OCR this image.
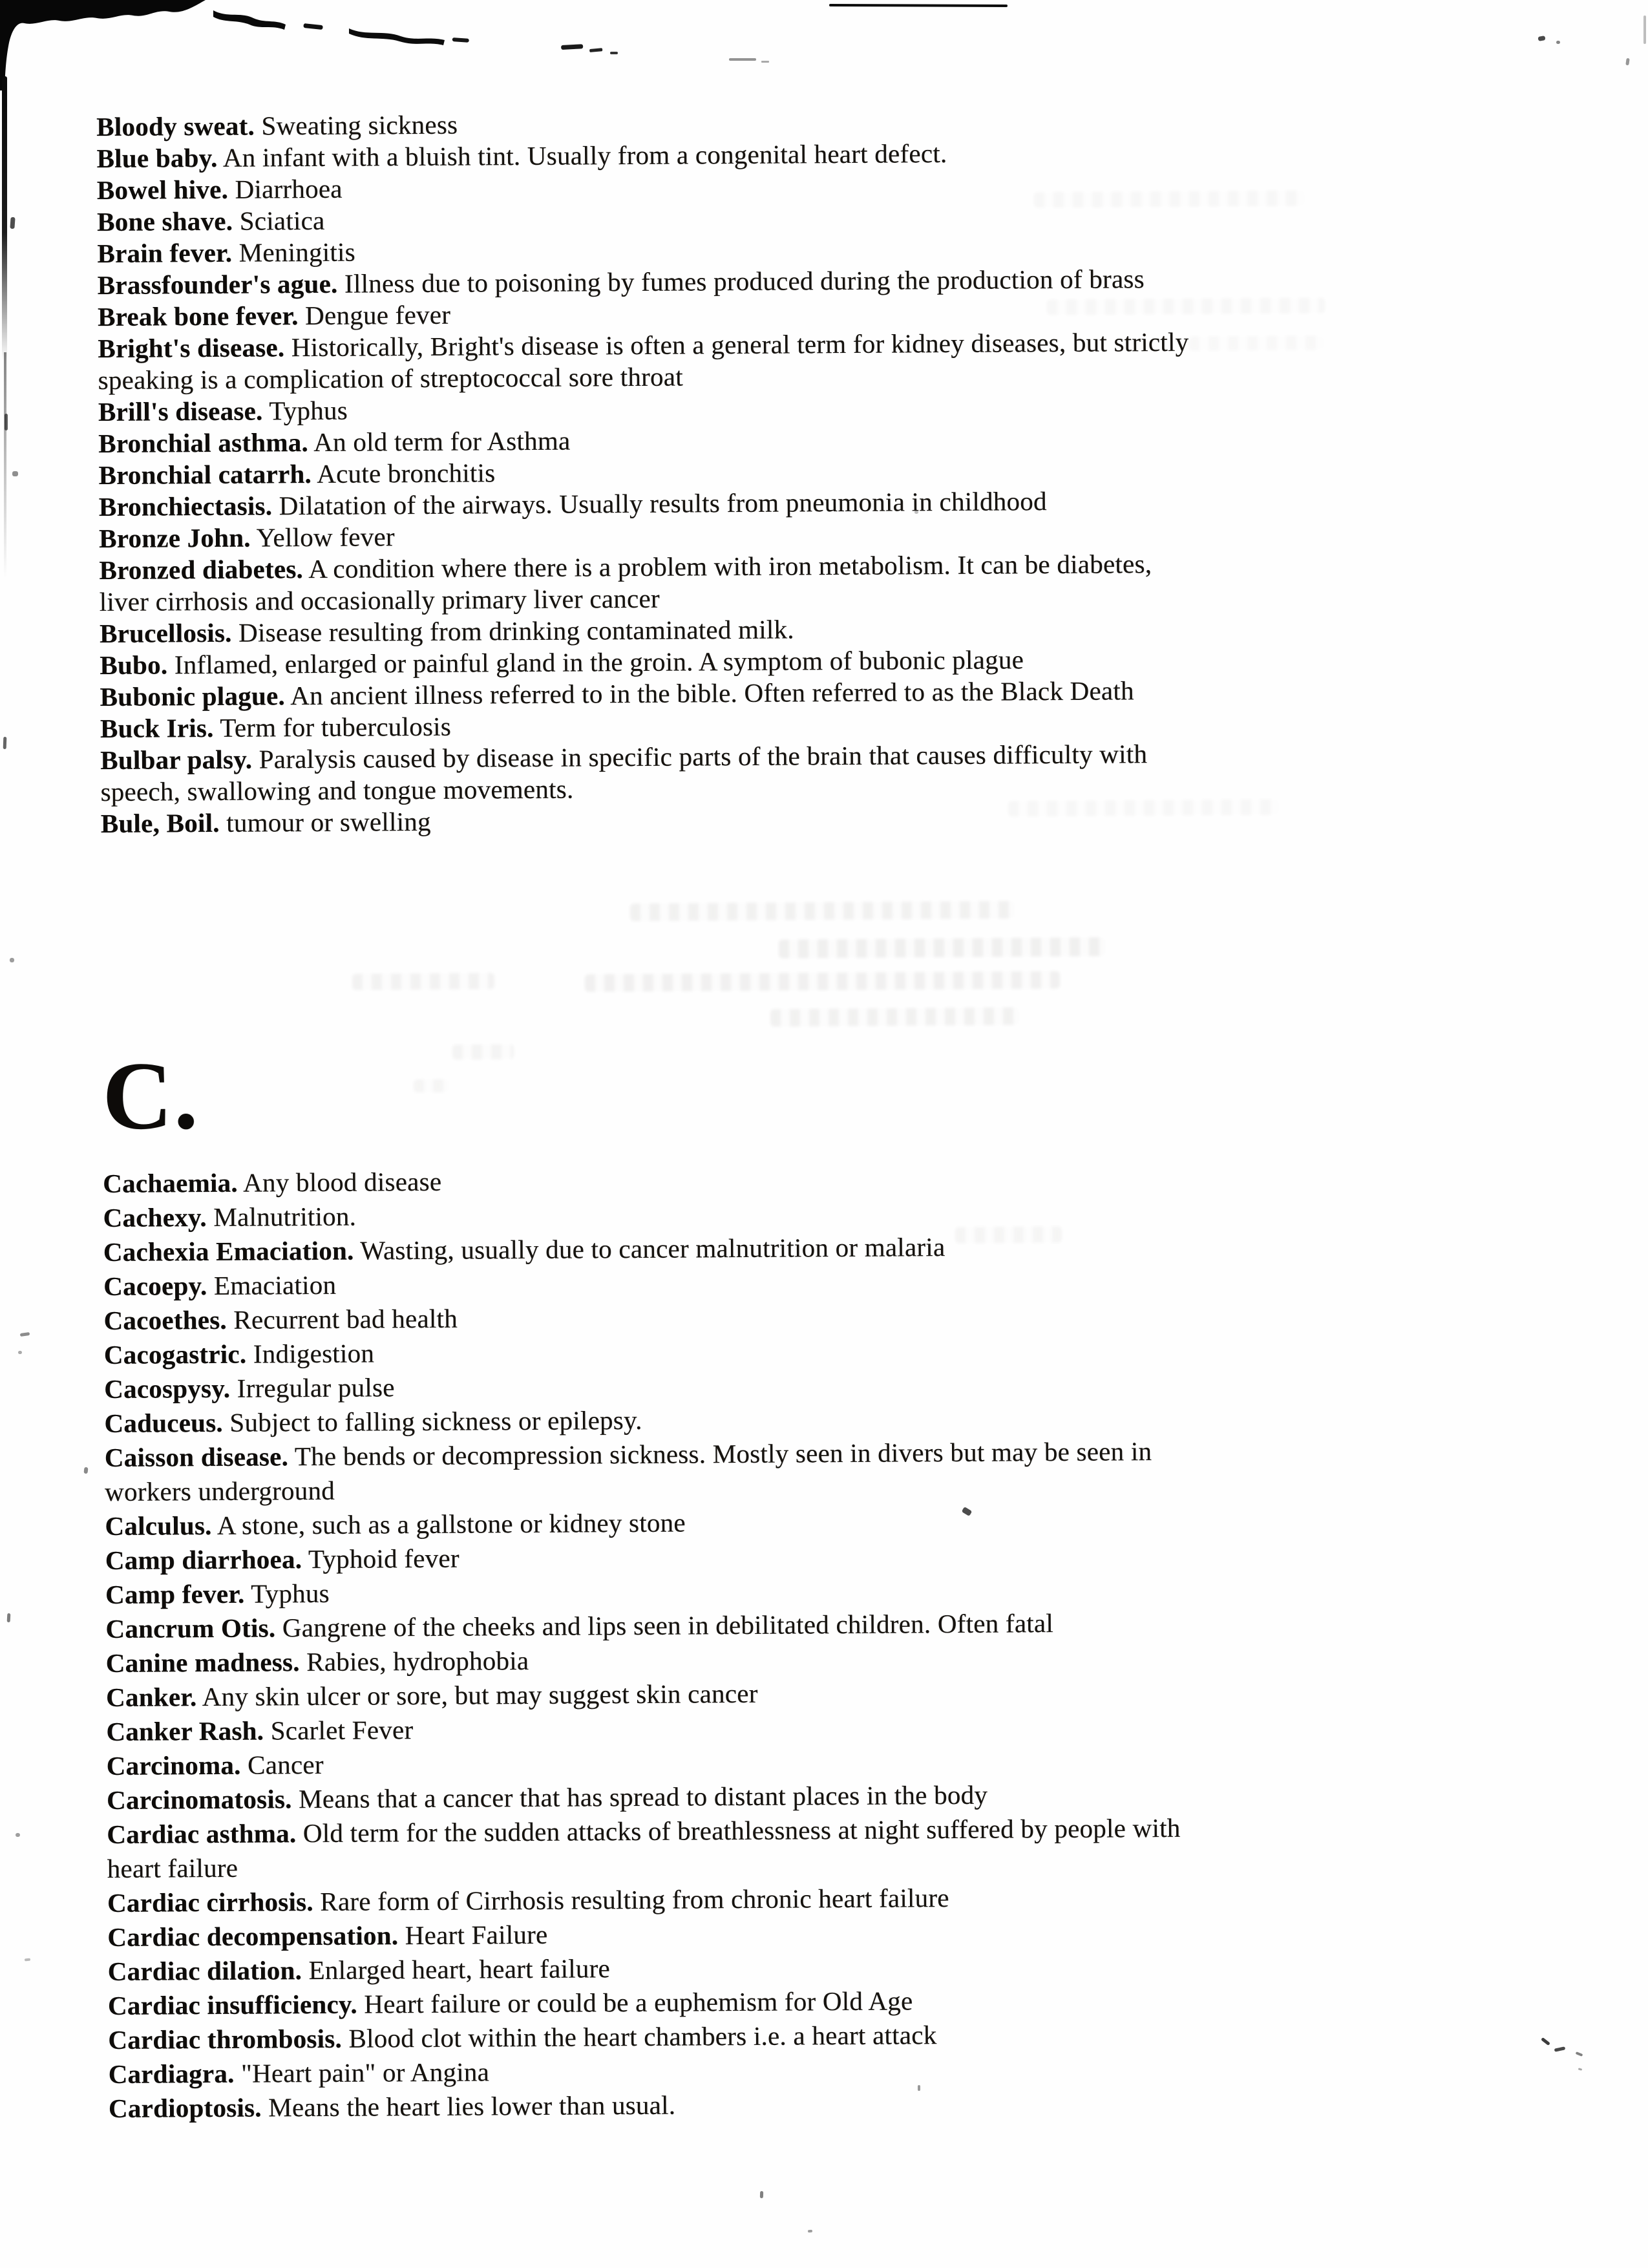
Bloody sweat. Sweating sickness
Blue baby. An infant with a bluish tint. Usually from a congenital heart defect.
Bowel hive. Diarrhoea
Bone shave. Sciatica
Brain fever. Meningitis
Brassfounder's ague. Illness due to poisoning by fumes produced during the production of brass
Break bone fever. Dengue fever
Bright's disease. Historically, Bright's disease is often a general term for kidney diseases, but strictly
speaking is a complication of streptococcal sore throat
Brill's disease. Typhus
Bronchial asthma. An old term for Asthma
Bronchial catarrh. Acute bronchitis
Bronchiectasis. Dilatation of the airways. Usually results from pneumonia in childhood
Bronze John. Yellow fever
Bronzed diabetes. A condition where there is a problem with iron metabolism. It can be diabetes,
liver cirrhosis and occasionally primary liver cancer
Brucellosis. Disease resulting from drinking contaminated milk.
Bubo. Inflamed, enlarged or painful gland in the groin. A symptom of bubonic plague
Bubonic plague. An ancient illness referred to in the bible. Often referred to as the Black Death
Buck Iris. Term for tuberculosis
Bulbar palsy. Paralysis caused by disease in specific parts of the brain that causes difficulty with
speech, swallowing and tongue movements.
Bule, Boil. tumour or swelling
C.
Cachaemia. Any blood disease
Cachexy. Malnutrition.
Cachexia Emaciation. Wasting, usually due to cancer malnutrition or malaria
Cacoepy. Emaciation
Cacoethes. Recurrent bad health
Cacogastric. Indigestion
Cacospysy. Irregular pulse
Caduceus. Subject to falling sickness or epilepsy.
Caisson disease. The bends or decompression sickness. Mostly seen in divers but may be seen in
workers underground
Calculus. A stone, such as a gallstone or kidney stone
Camp diarrhoea. Typhoid fever
Camp fever. Typhus
Cancrum Otis. Gangrene of the cheeks and lips seen in debilitated children. Often fatal
Canine madness. Rabies, hydrophobia
Canker. Any skin ulcer or sore, but may suggest skin cancer
Canker Rash. Scarlet Fever
Carcinoma. Cancer
Carcinomatosis. Means that a cancer that has spread to distant places in the body
Cardiac asthma. Old term for the sudden attacks of breathlessness at night suffered by people with
heart failure
Cardiac cirrhosis. Rare form of Cirrhosis resulting from chronic heart failure
Cardiac decompensation. Heart Failure
Cardiac dilation. Enlarged heart, heart failure
Cardiac insufficiency. Heart failure or could be a euphemism for Old Age
Cardiac thrombosis. Blood clot within the heart chambers i.e. a heart attack
Cardiagra. "Heart pain" or Angina
Cardioptosis. Means the heart lies lower than usual.
